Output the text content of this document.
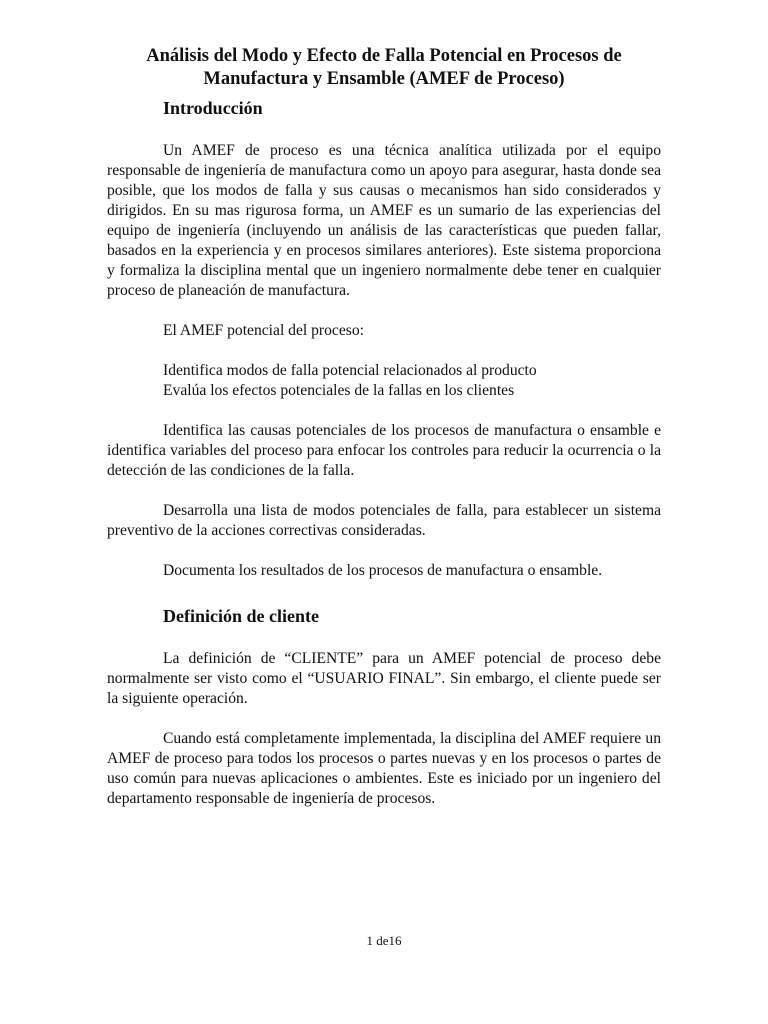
Análisis del Modo y Efecto de Falla Potencial en Procesos de
Manufactura y Ensamble (AMEF de Proceso)
Introducción

Un AMEF de proceso es una técnica analítica utilizada por el equipo responsable de ingeniería de manufactura como un apoyo para asegurar, hasta donde sea posible, que los modos de falla y sus causas o mecanismos han sido considerados y dirigidos. En su mas rigurosa forma, un AMEF es un sumario de las experiencias del equipo de ingeniería (incluyendo un análisis de las características que pueden fallar, basados en la experiencia y en procesos similares anteriores). Este sistema proporciona y formaliza la disciplina mental que un ingeniero normalmente debe tener en cualquier proceso de planeación de manufactura.

El AMEF potencial del proceso:

Identifica modos de falla potencial relacionados al producto

Evalúa los efectos potenciales de la fallas en los clientes

Identifica las causas potenciales de los procesos de manufactura o ensamble e identifica variables del proceso para enfocar los controles para reducir la ocurrencia o la detección de las condiciones de la falla.

Desarrolla una lista de modos potenciales de falla, para establecer un sistema preventivo de la acciones correctivas consideradas.

Documenta los resultados de los procesos de manufactura o ensamble.

Definición de cliente

La definición de “CLIENTE” para un AMEF potencial de proceso debe normalmente ser visto como el “USUARIO FINAL”. Sin embargo, el cliente puede ser la siguiente operación.

Cuando está completamente implementada, la disciplina del AMEF requiere un AMEF de proceso para todos los procesos o partes nuevas y en los procesos o partes de uso común para nuevas aplicaciones o ambientes. Este es iniciado por un ingeniero del departamento responsable de ingeniería de procesos.

1 de16
